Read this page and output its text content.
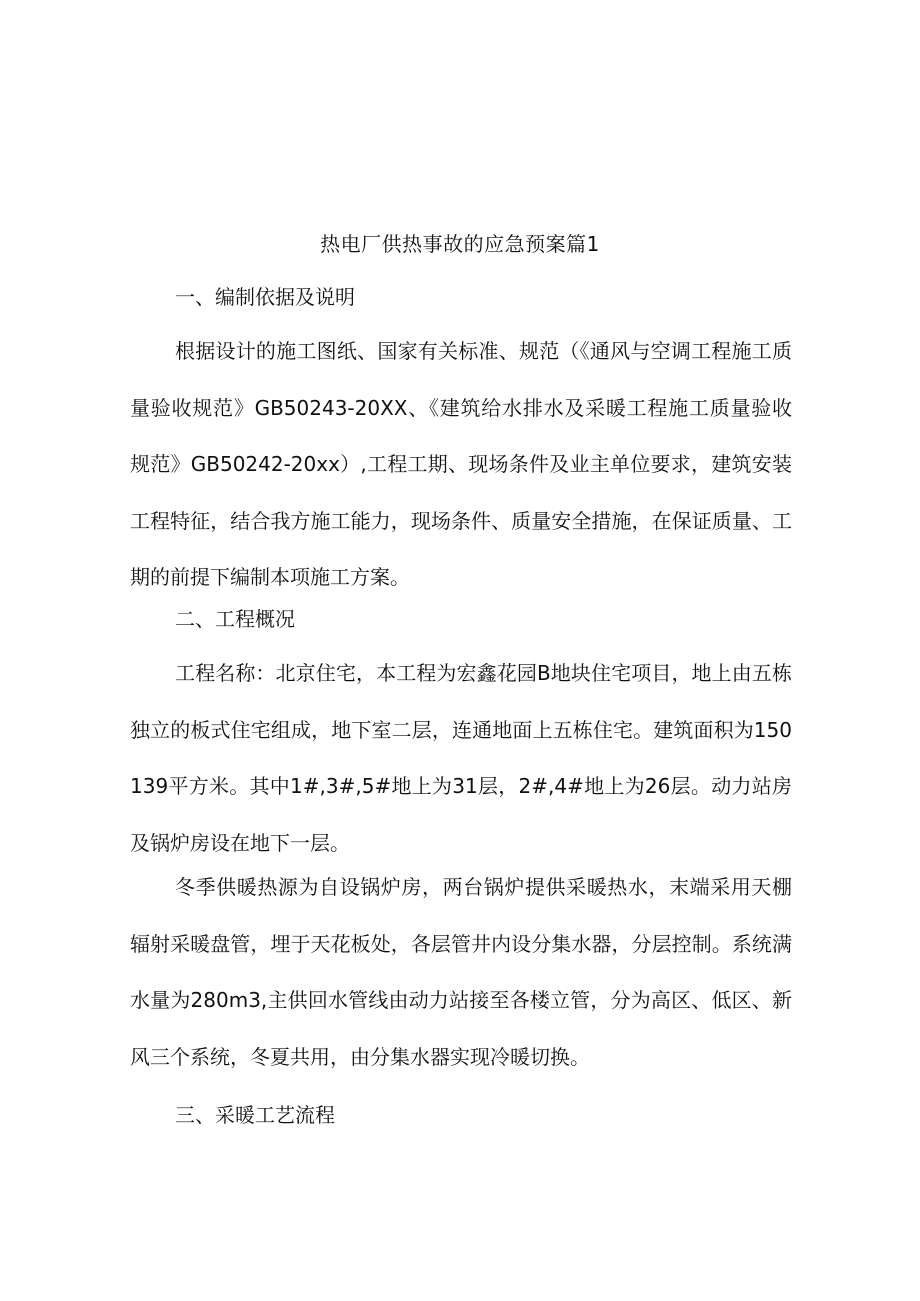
热电厂供热事故的应急预案篇1
一、编制依据及说明

根据设计的施工图纸、国家有关标准、规范（《通风与空调工程施工质量验收规范》GB50243-20XX、《建筑给水排水及采暖工程施工质量验收规范》GB50242-20xx）,工程工期、现场条件及业主单位要求，建筑安装工程特征，结合我方施工能力，现场条件、质量安全措施，在保证质量、工期的前提下编制本项施工方案。

二、工程概况

工程名称：北京住宅，本工程为宏鑫花园B地块住宅项目，地上由五栋独立的板式住宅组成，地下室二层，连通地面上五栋住宅。建筑面积为150139平方米。其中1#,3#,5#地上为31层，2#,4#地上为26层。动力站房及锅炉房设在地下一层。

冬季供暖热源为自设锅炉房，两台锅炉提供采暖热水，末端采用天棚辐射采暖盘管，埋于天花板处，各层管井内设分集水器，分层控制。系统满水量为280m3,主供回水管线由动力站接至各楼立管，分为高区、低区、新风三个系统，冬夏共用，由分集水器实现冷暖切换。

三、采暖工艺流程
